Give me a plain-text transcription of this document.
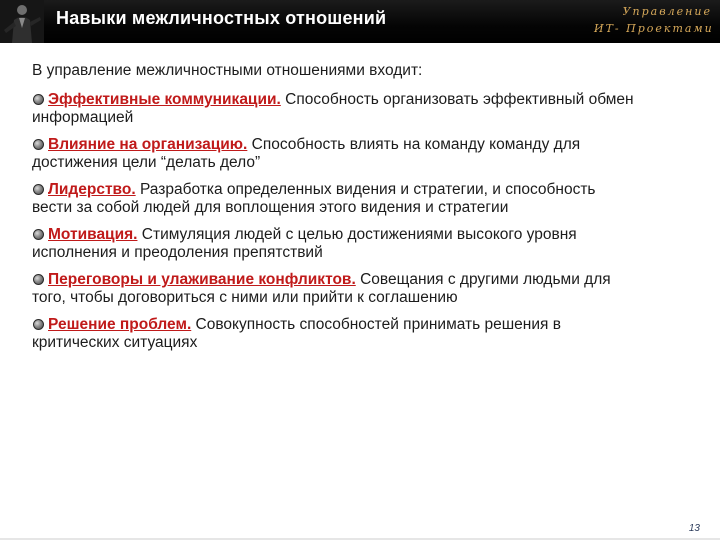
Навыки межличностных отношений	Управление
ИТ- Проектами
В управление межличностными отношениями входит:
Эффективные коммуникации. Способность организовать эффективный обмен
информацией
Влияние на организацию. Способность влиять на команду команду для
достижения цели “делать дело”
Лидерство. Разработка определенных видения и стратегии, и способность
вести за собой людей для воплощения этого видения и стратегии
Мотивация. Стимуляция людей с целью достижениями высокого уровня
исполнения и преодоления препятствий
Переговоры и улаживание конфликтов. Совещания с другими людьми для
того, чтобы договориться с ними или прийти к соглашению
Решение проблем. Совокупность способностей принимать решения в
критических ситуациях
13
